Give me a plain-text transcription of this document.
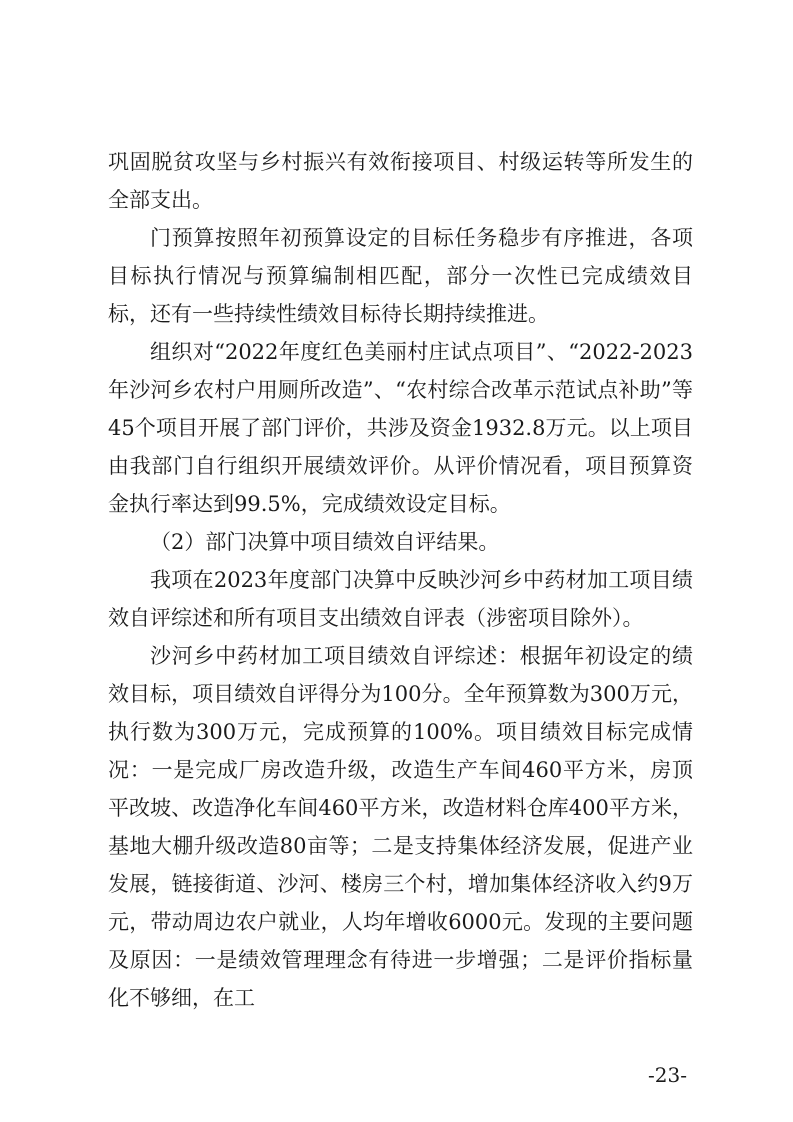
巩固脱贫攻坚与乡村振兴有效衔接项目、村级运转等所发生的全部支出。

门预算按照年初预算设定的目标任务稳步有序推进，各项目标执行情况与预算编制相匹配，部分一次性已完成绩效目标，还有一些持续性绩效目标待长期持续推进。

组织对“2022年度红色美丽村庄试点项目”、“2022-2023年沙河乡农村户用厕所改造”、“农村综合改革示范试点补助”等45个项目开展了部门评价，共涉及资金1932.8万元。以上项目由我部门自行组织开展绩效评价。从评价情况看，项目预算资金执行率达到99.5%，完成绩效设定目标。

（2）部门决算中项目绩效自评结果。

我项在2023年度部门决算中反映沙河乡中药材加工项目绩效自评综述和所有项目支出绩效自评表（涉密项目除外）。

沙河乡中药材加工项目绩效自评综述：根据年初设定的绩效目标，项目绩效自评得分为100分。全年预算数为300万元，执行数为300万元，完成预算的100%。项目绩效目标完成情况：一是完成厂房改造升级，改造生产车间460平方米，房顶平改坡、改造净化车间460平方米，改造材料仓库400平方米，基地大棚升级改造80亩等；二是支持集体经济发展，促进产业发展，链接街道、沙河、楼房三个村，增加集体经济收入约9万元，带动周边农户就业，人均年增收6000元。发现的主要问题及原因：一是绩效管理理念有待进一步增强；二是评价指标量化不够细，在工

-23-
